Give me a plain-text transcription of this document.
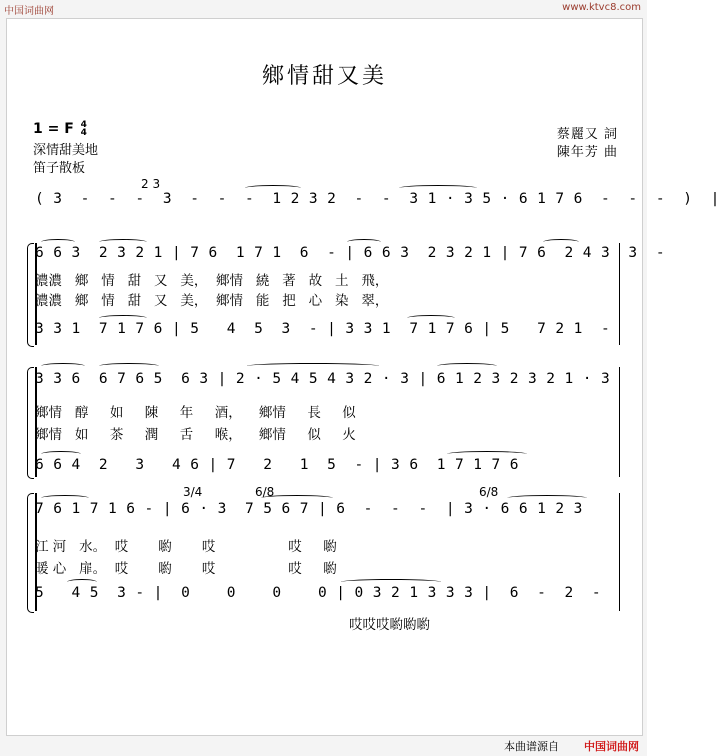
中国词曲网	www.ktvc8.com
鄉情甜又美
1 = F 4
4
深情甜美地
笛子散板
蔡麗又 詞
陳年芳 曲
2 3
( 3  -  -  -  3  -  -  -  1 2 3 2  -  -  3 1 · 3 5 · 6 1 7 6  -  -  -  )  |
6 6 3  2 3 2 1 | 7 6  1 7 1  6  - | 6 6 3  2 3 2 1 | 7 6  2 4 3  3  -
濃濃   鄉   情   甜   又   美，  鄉情   繞   著   故   土   飛，
濃濃   鄉   情   甜   又   美，  鄉情   能   把   心   染   翠，
3 3 1  7 1 7 6 | 5   4  5  3  - | 3 3 1  7 1 7 6 | 5   7 2 1  -
3 3 6  6 7 6 5  6 3 | 2 · 5 4 5 4 3 2 · 3 | 6 1 2 3 2 3 2 1 · 3
鄉情   醇     如     陳     年     酒，    鄉情     長     似
鄉情   如     茶     潤     舌     喉，    鄉情     似     火
6 6 4  2   3   4 6 | 7   2   1  5  - | 3 6  1 7 1 7 6
3/4	6/8	6/8
7 6 1 7 1 6 - | 6 · 3  7 5 6 7 | 6  -  -  -  | 3 · 6 6 1 2 3
江 河   水。  哎       喲       哎                 哎     喲
暖 心   扉。  哎       喲       哎                 哎     喲
5   4 5  3 - |  0    0    0    0 | 0 3 2 1 3 3 3 |  6  -  2  -
哎哎哎喲喲喲
本曲谱源自 中国词曲网
